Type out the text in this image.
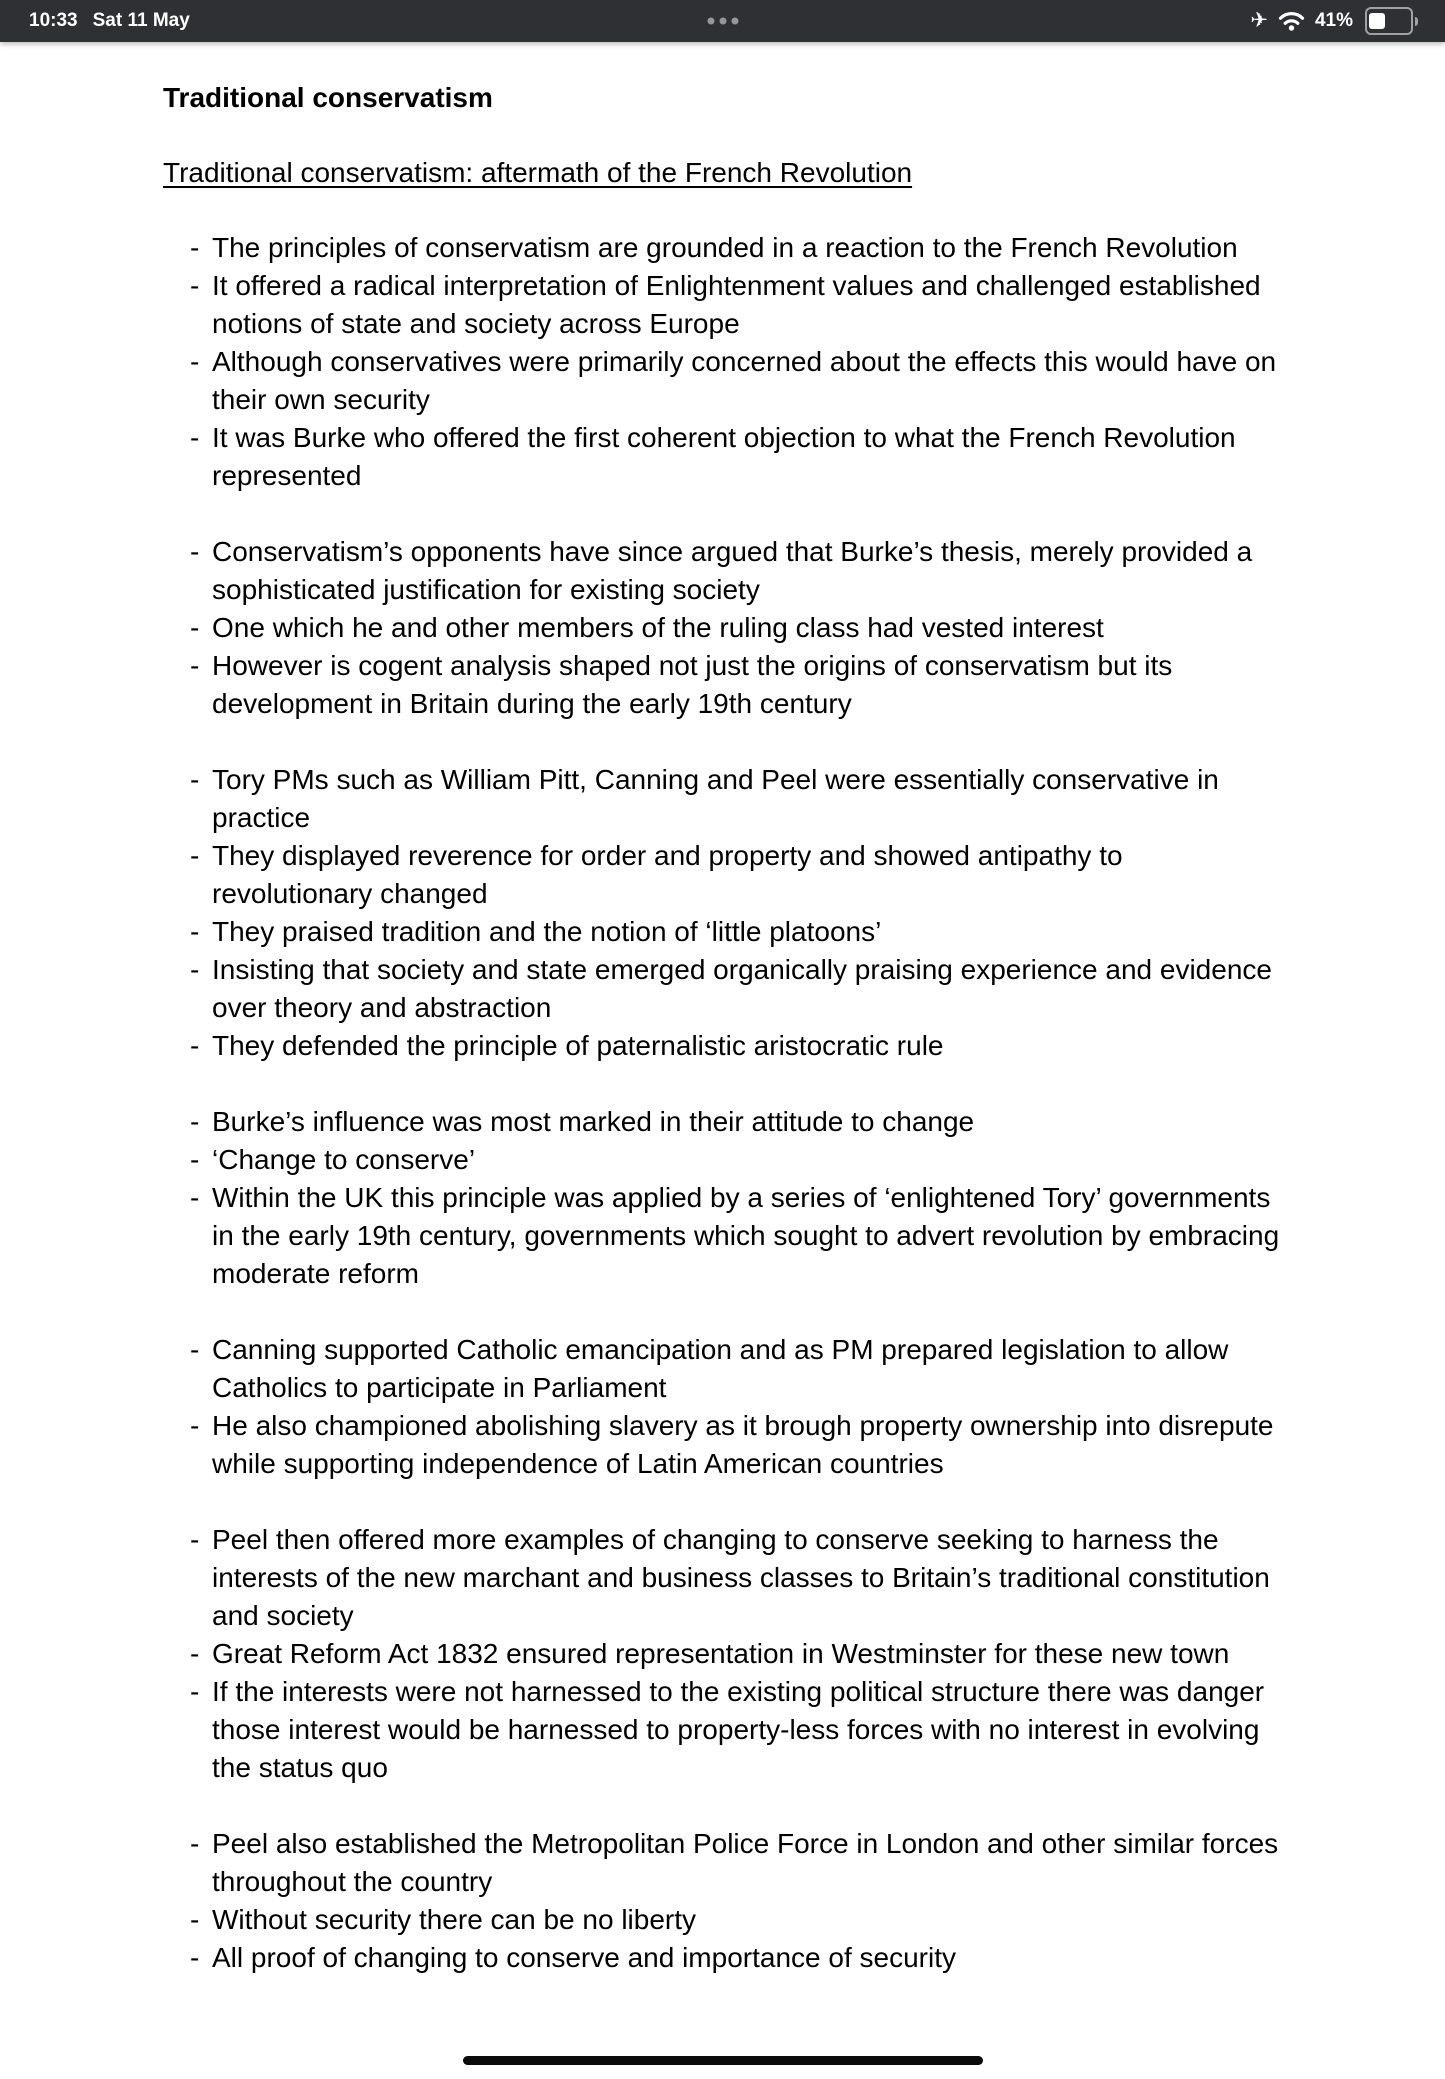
10:33 Sat 11 May	✈ 41%
Traditional conservatism
Traditional conservatism: aftermath of the French Revolution
- The principles of conservatism are grounded in a reaction to the French Revolution
- It offered a radical interpretation of Enlightenment values and challenged established notions of state and society across Europe
- Although conservatives were primarily concerned about the effects this would have on their own security
- It was Burke who offered the first coherent objection to what the French Revolution represented
- Conservatism’s opponents have since argued that Burke’s thesis, merely provided a sophisticated justification for existing society
- One which he and other members of the ruling class had vested interest
- However is cogent analysis shaped not just the origins of conservatism but its development in Britain during the early 19th century
- Tory PMs such as William Pitt, Canning and Peel were essentially conservative in practice
- They displayed reverence for order and property and showed antipathy to revolutionary changed
- They praised tradition and the notion of ‘little platoons’
- Insisting that society and state emerged organically praising experience and evidence over theory and abstraction
- They defended the principle of paternalistic aristocratic rule
- Burke’s influence was most marked in their attitude to change
- ‘Change to conserve’
- Within the UK this principle was applied by a series of ‘enlightened Tory’ governments in the early 19th century, governments which sought to advert revolution by embracing moderate reform
- Canning supported Catholic emancipation and as PM prepared legislation to allow Catholics to participate in Parliament
- He also championed abolishing slavery as it brough property ownership into disrepute while supporting independence of Latin American countries
- Peel then offered more examples of changing to conserve seeking to harness the interests of the new marchant and business classes to Britain’s traditional constitution and society
- Great Reform Act 1832 ensured representation in Westminster for these new town
- If the interests were not harnessed to the existing political structure there was danger those interest would be harnessed to property-less forces with no interest in evolving the status quo
- Peel also established the Metropolitan Police Force in London and other similar forces throughout the country
- Without security there can be no liberty
- All proof of changing to conserve and importance of security
